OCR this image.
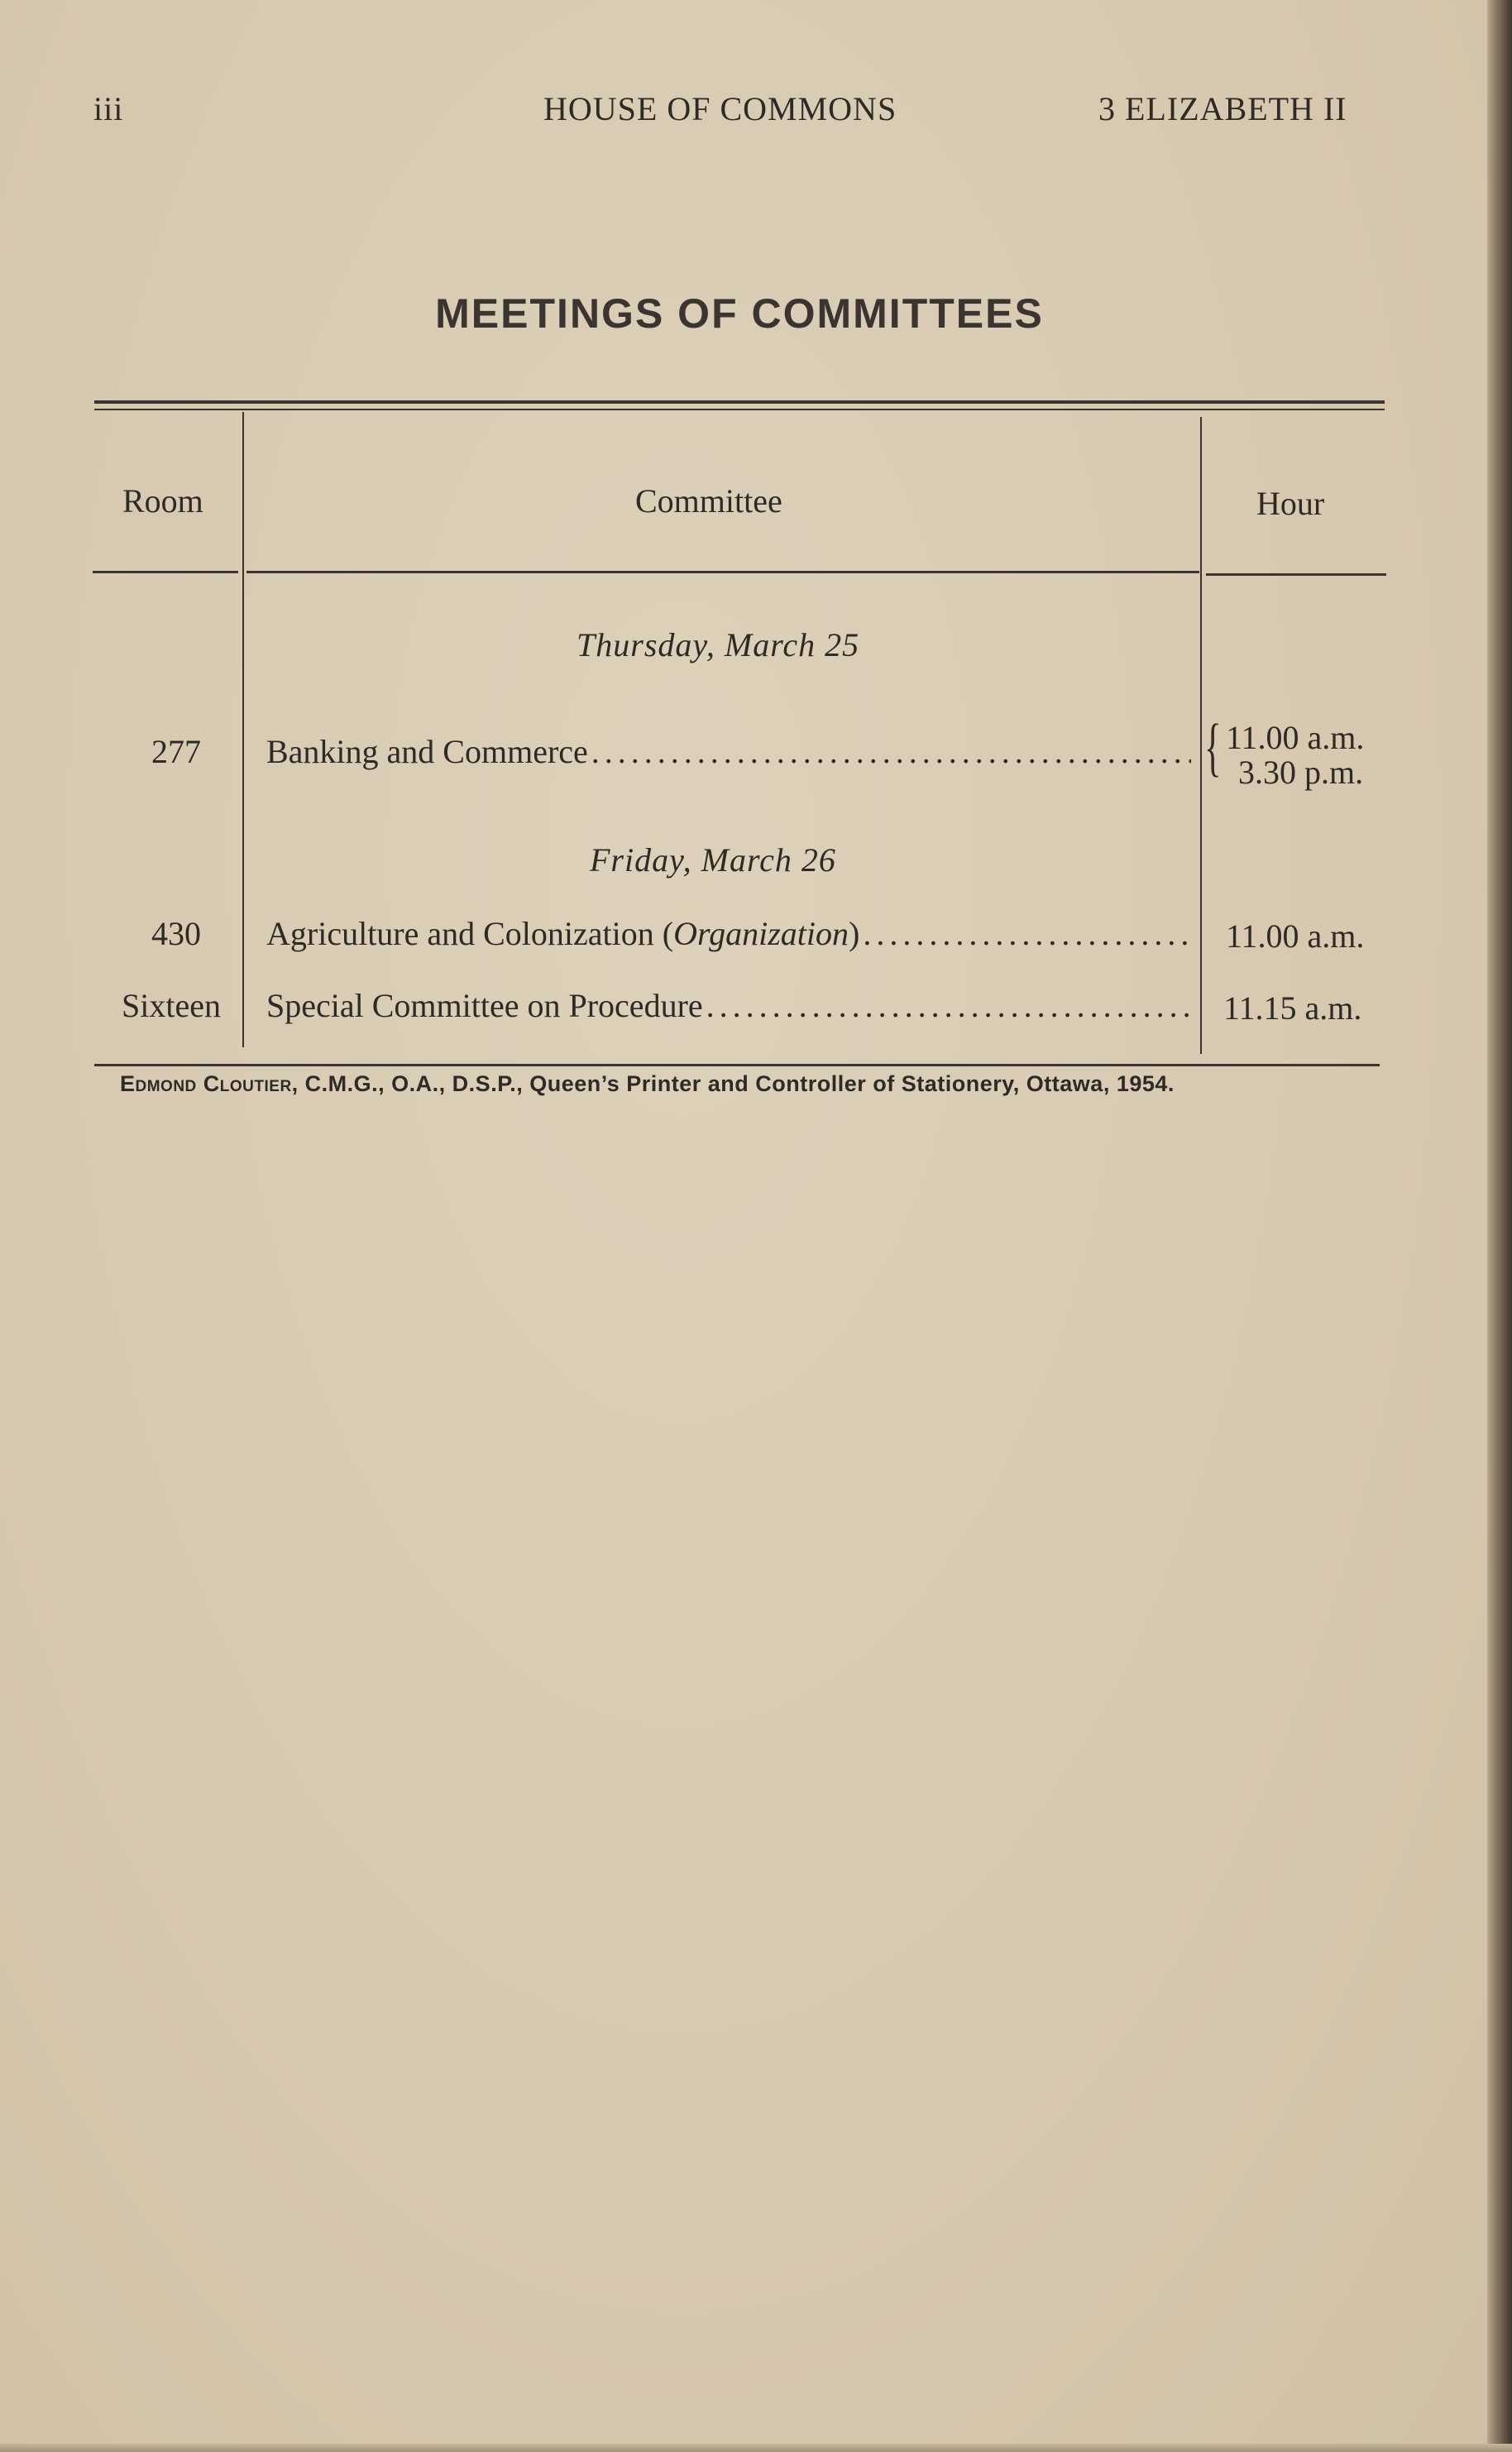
iii	HOUSE OF COMMONS	3 ELIZABETH II
MEETINGS OF COMMITTEES
Room	Committee	Hour
Thursday, March 25
277	Banking and Commerce .....	{ 11.00 a.m.
3.30 p.m.
Friday, March 26
430	Agriculture and Colonization (Organization) .....	11.00 a.m.
Sixteen	Special Committee on Procedure .....	11.15 a.m.
Edmond Cloutier, C.M.G., O.A., D.S.P., Queen’s Printer and Controller of Stationery, Ottawa, 1954.
